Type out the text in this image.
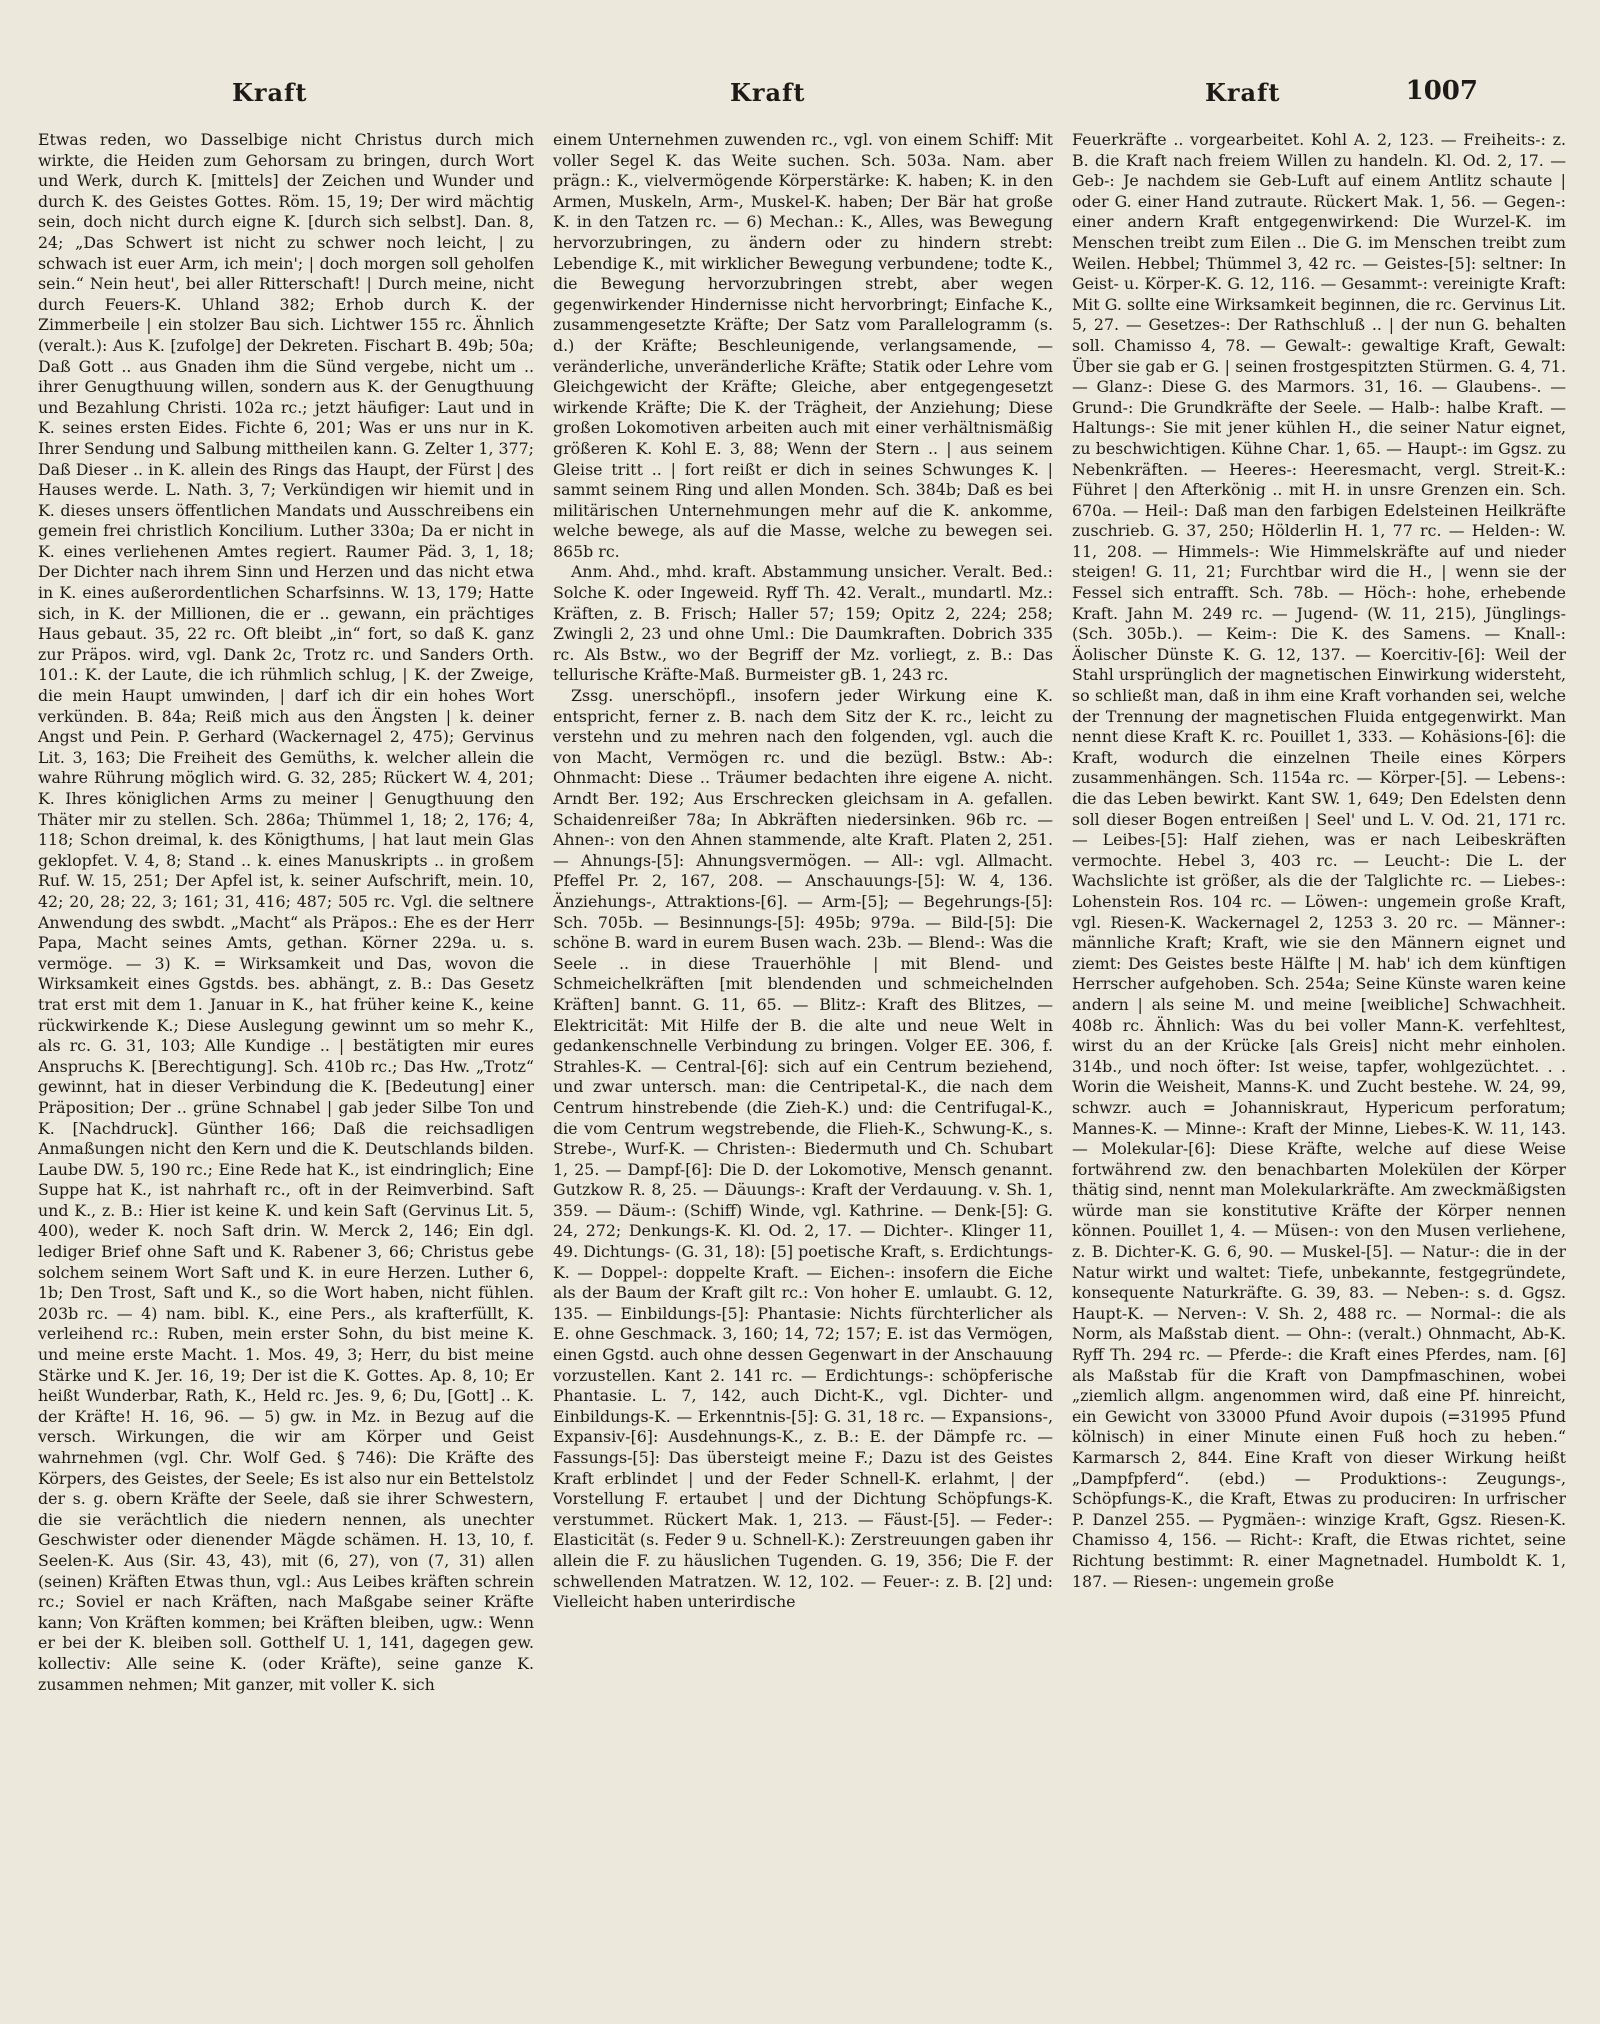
Kraft	Kraft	Kraft	1007

Etwas reden, wo Dasselbige nicht Christus durch mich wirkte, die Heiden zum Gehorsam zu bringen, durch Wort und Werk, durch K. [mittels] der Zeichen und Wunder und durch K. des Geistes Gottes. Röm. 15, 19; Der wird mächtig sein, doch nicht durch eigne K. [durch sich selbst]. Dan. 8, 24; „Das Schwert ist nicht zu schwer noch leicht, | zu schwach ist euer Arm, ich mein'; | doch morgen soll geholfen sein.“ Nein heut', bei aller Ritterschaft! | Durch meine, nicht durch Feuers-K. Uhland 382; Erhob durch K. der Zimmerbeile | ein stolzer Bau sich. Lichtwer 155 rc. Ähnlich (veralt.): Aus K. [zufolge] der Dekreten. Fischart B. 49b; 50a; Daß Gott .. aus Gnaden ihm die Sünd vergebe, nicht um .. ihrer Genugthuung willen, sondern aus K. der Genugthuung und Bezahlung Christi. 102a rc.; jetzt häufiger: Laut und in K. seines ersten Eides. Fichte 6, 201; Was er uns nur in K. Ihrer Sendung und Salbung mittheilen kann. G. Zelter 1, 377; Daß Dieser .. in K. allein des Rings das Haupt, der Fürst | des Hauses werde. L. Nath. 3, 7; Verkündigen wir hiemit und in K. dieses unsers öffentlichen Mandats und Ausschreibens ein gemein frei christlich Koncilium. Luther 330a; Da er nicht in K. eines verliehenen Amtes regiert. Raumer Päd. 3, 1, 18; Der Dichter nach ihrem Sinn und Herzen und das nicht etwa in K. eines außerordentlichen Scharfsinns. W. 13, 179; Hatte sich, in K. der Millionen, die er .. gewann, ein prächtiges Haus gebaut. 35, 22 rc. Oft bleibt „in“ fort, so daß K. ganz zur Präpos. wird, vgl. Dank 2c, Trotz rc. und Sanders Orth. 101.: K. der Laute, die ich rühmlich schlug, | K. der Zweige, die mein Haupt umwinden, | darf ich dir ein hohes Wort verkünden. B. 84a; Reiß mich aus den Ängsten | k. deiner Angst und Pein. P. Gerhard (Wackernagel 2, 475); Gervinus Lit. 3, 163; Die Freiheit des Gemüths, k. welcher allein die wahre Rührung möglich wird. G. 32, 285; Rückert W. 4, 201; K. Ihres königlichen Arms zu meiner | Genugthuung den Thäter mir zu stellen. Sch. 286a; Thümmel 1, 18; 2, 176; 4, 118; Schon dreimal, k. des Königthums, | hat laut mein Glas geklopfet. V. 4, 8; Stand .. k. eines Manuskripts .. in großem Ruf. W. 15, 251; Der Apfel ist, k. seiner Aufschrift, mein. 10, 42; 20, 28; 22, 3; 161; 31, 416; 487; 505 rc. Vgl. die seltnere Anwendung des swbdt. „Macht“ als Präpos.: Ehe es der Herr Papa, Macht seines Amts, gethan. Körner 229a. u. s. vermöge. — 3) K. = Wirksamkeit und Das, wovon die Wirksamkeit eines Ggstds. bes. abhängt, z. B.: Das Gesetz trat erst mit dem 1. Januar in K., hat früher keine K., keine rückwirkende K.; Diese Auslegung gewinnt um so mehr K., als rc. G. 31, 103; Alle Kundige .. | bestätigten mir eures Anspruchs K. [Berechtigung]. Sch. 410b rc.; Das Hw. „Trotz“ gewinnt, hat in dieser Verbindung die K. [Bedeutung] einer Präposition; Der .. grüne Schnabel | gab jeder Silbe Ton und K. [Nachdruck]. Günther 166; Daß die reichsadligen Anmaßungen nicht den Kern und die K. Deutschlands bilden. Laube DW. 5, 190 rc.; Eine Rede hat K., ist eindringlich; Eine Suppe hat K., ist nahrhaft rc., oft in der Reimverbind. Saft und K., z. B.: Hier ist keine K. und kein Saft (Gervinus Lit. 5, 400), weder K. noch Saft drin. W. Merck 2, 146; Ein dgl. lediger Brief ohne Saft und K. Rabener 3, 66; Christus gebe solchem seinem Wort Saft und K. in eure Herzen. Luther 6, 1b; Den Trost, Saft und K., so die Wort haben, nicht fühlen. 203b rc. — 4) nam. bibl. K., eine Pers., als krafterfüllt, K. verleihend rc.: Ruben, mein erster Sohn, du bist meine K. und meine erste Macht. 1. Mos. 49, 3; Herr, du bist meine Stärke und K. Jer. 16, 19; Der ist die K. Gottes. Ap. 8, 10; Er heißt Wunderbar, Rath, K., Held rc. Jes. 9, 6; Du, [Gott] .. K. der Kräfte! H. 16, 96. — 5) gw. in Mz. in Bezug auf die versch. Wirkungen, die wir am Körper und Geist wahrnehmen (vgl. Chr. Wolf Ged. § 746): Die Kräfte des Körpers, des Geistes, der Seele; Es ist also nur ein Bettelstolz der s. g. obern Kräfte der Seele, daß sie ihrer Schwestern, die sie verächtlich die niedern nennen, als unechter Geschwister oder dienender Mägde schämen. H. 13, 10, f. Seelen-K. Aus (Sir. 43, 43), mit (6, 27), von (7, 31) allen (seinen) Kräften Etwas thun, vgl.: Aus Leibes kräften schrein rc.; Soviel er nach Kräften, nach Maßgabe seiner Kräfte kann; Von Kräften kommen; bei Kräften bleiben, ugw.: Wenn er bei der K. bleiben soll. Gotthelf U. 1, 141, dagegen gew. kollectiv: Alle seine K. (oder Kräfte), seine ganze K. zusammen nehmen; Mit ganzer, mit voller K. sich

einem Unternehmen zuwenden rc., vgl. von einem Schiff: Mit voller Segel K. das Weite suchen. Sch. 503a. Nam. aber prägn.: K., vielvermögende Körperstärke: K. haben; K. in den Armen, Muskeln, Arm-, Muskel-K. haben; Der Bär hat große K. in den Tatzen rc. — 6) Mechan.: K., Alles, was Bewegung hervorzubringen, zu ändern oder zu hindern strebt: Lebendige K., mit wirklicher Bewegung verbundene; todte K., die Bewegung hervorzubringen strebt, aber wegen gegenwirkender Hindernisse nicht hervorbringt; Einfache K., zusammengesetzte Kräfte; Der Satz vom Parallelogramm (s. d.) der Kräfte; Beschleunigende, verlangsamende, — veränderliche, unveränderliche Kräfte; Statik oder Lehre vom Gleichgewicht der Kräfte; Gleiche, aber entgegengesetzt wirkende Kräfte; Die K. der Trägheit, der Anziehung; Diese großen Lokomotiven arbeiten auch mit einer verhältnismäßig größeren K. Kohl E. 3, 88; Wenn der Stern .. | aus seinem Gleise tritt .. | fort reißt er dich in seines Schwunges K. | sammt seinem Ring und allen Monden. Sch. 384b; Daß es bei militärischen Unternehmungen mehr auf die K. ankomme, welche bewege, als auf die Masse, welche zu bewegen sei. 865b rc.

Anm. Ahd., mhd. kraft. Abstammung unsicher. Veralt. Bed.: Solche K. oder Ingeweid. Ryff Th. 42. Veralt., mundartl. Mz.: Kräften, z. B. Frisch; Haller 57; 159; Opitz 2, 224; 258; Zwingli 2, 23 und ohne Uml.: Die Daumkraften. Dobrich 335 rc. Als Bstw., wo der Begriff der Mz. vorliegt, z. B.: Das tellurische Kräfte-Maß. Burmeister gB. 1, 243 rc.

Zssg. unerschöpfl., insofern jeder Wirkung eine K. entspricht, ferner z. B. nach dem Sitz der K. rc., leicht zu verstehn und zu mehren nach den folgenden, vgl. auch die von Macht, Vermögen rc. und die bezügl. Bstw.: Ab-: Ohnmacht: Diese .. Träumer bedachten ihre eigene A. nicht. Arndt Ber. 192; Aus Erschrecken gleichsam in A. gefallen. Schaidenreißer 78a; In Abkräften niedersinken. 96b rc. — Ahnen-: von den Ahnen stammende, alte Kraft. Platen 2, 251. — Ahnungs-[5]: Ahnungsvermögen. — All-: vgl. Allmacht. Pfeffel Pr. 2, 167, 208. — Anschauungs-[5]: W. 4, 136. Änziehungs-, Attraktions-[6]. — Arm-[5]; — Begehrungs-[5]: Sch. 705b. — Besinnungs-[5]: 495b; 979a. — Bild-[5]: Die schöne B. ward in eurem Busen wach. 23b. — Blend-: Was die Seele .. in diese Trauerhöhle | mit Blend- und Schmeichelkräften [mit blendenden und schmeichelnden Kräften] bannt. G. 11, 65. — Blitz-: Kraft des Blitzes, — Elektricität: Mit Hilfe der B. die alte und neue Welt in gedankenschnelle Verbindung zu bringen. Volger EE. 306, f. Strahles-K. — Central-[6]: sich auf ein Centrum beziehend, und zwar untersch. man: die Centripetal-K., die nach dem Centrum hinstrebende (die Zieh-K.) und: die Centrifugal-K., die vom Centrum wegstrebende, die Flieh-K., Schwung-K., s. Strebe-, Wurf-K. — Christen-: Biedermuth und Ch. Schubart 1, 25. — Dampf-[6]: Die D. der Lokomotive, Mensch genannt. Gutzkow R. 8, 25. — Däuungs-: Kraft der Verdauung. v. Sh. 1, 359. — Däum-: (Schiff) Winde, vgl. Kathrine. — Denk-[5]: G. 24, 272; Denkungs-K. Kl. Od. 2, 17. — Dichter-. Klinger 11, 49. Dichtungs- (G. 31, 18): [5] poetische Kraft, s. Erdichtungs-K. — Doppel-: doppelte Kraft. — Eichen-: insofern die Eiche als der Baum der Kraft gilt rc.: Von hoher E. umlaubt. G. 12, 135. — Einbildungs-[5]: Phantasie: Nichts fürchterlicher als E. ohne Geschmack. 3, 160; 14, 72; 157; E. ist das Vermögen, einen Ggstd. auch ohne dessen Gegenwart in der Anschauung vorzustellen. Kant 2. 141 rc. — Erdichtungs-: schöpferische Phantasie. L. 7, 142, auch Dicht-K., vgl. Dichter- und Einbildungs-K. — Erkenntnis-[5]: G. 31, 18 rc. — Expansions-, Expansiv-[6]: Ausdehnungs-K., z. B.: E. der Dämpfe rc. — Fassungs-[5]: Das übersteigt meine F.; Dazu ist des Geistes Kraft erblindet | und der Feder Schnell-K. erlahmt, | der Vorstellung F. ertaubet | und der Dichtung Schöpfungs-K. verstummet. Rückert Mak. 1, 213. — Fäust-[5]. — Feder-: Elasticität (s. Feder 9 u. Schnell-K.): Zerstreuungen gaben ihr allein die F. zu häuslichen Tugenden. G. 19, 356; Die F. der schwellenden Matratzen. W. 12, 102. — Feuer-: z. B. [2] und: Vielleicht haben unterirdische

Feuerkräfte .. vorgearbeitet. Kohl A. 2, 123. — Freiheits-: z. B. die Kraft nach freiem Willen zu handeln. Kl. Od. 2, 17. — Geb-: Je nachdem sie Geb-Luft auf einem Antlitz schaute | oder G. einer Hand zutraute. Rückert Mak. 1, 56. — Gegen-: einer andern Kraft entgegenwirkend: Die Wurzel-K. im Menschen treibt zum Eilen .. Die G. im Menschen treibt zum Weilen. Hebbel; Thümmel 3, 42 rc. — Geistes-[5]: seltner: In Geist- u. Körper-K. G. 12, 116. — Gesammt-: vereinigte Kraft: Mit G. sollte eine Wirksamkeit beginnen, die rc. Gervinus Lit. 5, 27. — Gesetzes-: Der Rathschluß .. | der nun G. behalten soll. Chamisso 4, 78. — Gewalt-: gewaltige Kraft, Gewalt: Über sie gab er G. | seinen frostgespitzten Stürmen. G. 4, 71. — Glanz-: Diese G. des Marmors. 31, 16. — Glaubens-. — Grund-: Die Grundkräfte der Seele. — Halb-: halbe Kraft. — Haltungs-: Sie mit jener kühlen H., die seiner Natur eignet, zu beschwichtigen. Kühne Char. 1, 65. — Haupt-: im Ggsz. zu Nebenkräften. — Heeres-: Heeresmacht, vergl. Streit-K.: Führet | den Afterkönig .. mit H. in unsre Grenzen ein. Sch. 670a. — Heil-: Daß man den farbigen Edelsteinen Heilkräfte zuschrieb. G. 37, 250; Hölderlin H. 1, 77 rc. — Helden-: W. 11, 208. — Himmels-: Wie Himmelskräfte auf und nieder steigen! G. 11, 21; Furchtbar wird die H., | wenn sie der Fessel sich entrafft. Sch. 78b. — Höch-: hohe, erhebende Kraft. Jahn M. 249 rc. — Jugend- (W. 11, 215), Jünglings- (Sch. 305b.). — Keim-: Die K. des Samens. — Knall-: Äolischer Dünste K. G. 12, 137. — Koercitiv-[6]: Weil der Stahl ursprünglich der magnetischen Einwirkung widersteht, so schließt man, daß in ihm eine Kraft vorhanden sei, welche der Trennung der magnetischen Fluida entgegenwirkt. Man nennt diese Kraft K. rc. Pouillet 1, 333. — Kohäsions-[6]: die Kraft, wodurch die einzelnen Theile eines Körpers zusammenhängen. Sch. 1154a rc. — Körper-[5]. — Lebens-: die das Leben bewirkt. Kant SW. 1, 649; Den Edelsten denn soll dieser Bogen entreißen | Seel' und L. V. Od. 21, 171 rc. — Leibes-[5]: Half ziehen, was er nach Leibeskräften vermochte. Hebel 3, 403 rc. — Leucht-: Die L. der Wachslichte ist größer, als die der Talglichte rc. — Liebes-: Lohenstein Ros. 104 rc. — Löwen-: ungemein große Kraft, vgl. Riesen-K. Wackernagel 2, 1253 3. 20 rc. — Männer-: männliche Kraft; Kraft, wie sie den Männern eignet und ziemt: Des Geistes beste Hälfte | M. hab' ich dem künftigen Herrscher aufgehoben. Sch. 254a; Seine Künste waren keine andern | als seine M. und meine [weibliche] Schwachheit. 408b rc. Ähnlich: Was du bei voller Mann-K. verfehltest, wirst du an der Krücke [als Greis] nicht mehr einholen. 314b., und noch öfter: Ist weise, tapfer, wohlgezüchtet. . . Worin die Weisheit, Manns-K. und Zucht bestehe. W. 24, 99, schwzr. auch = Johanniskraut, Hypericum perforatum; Mannes-K. — Minne-: Kraft der Minne, Liebes-K. W. 11, 143. — Molekular-[6]: Diese Kräfte, welche auf diese Weise fortwährend zw. den benachbarten Molekülen der Körper thätig sind, nennt man Molekularkräfte. Am zweckmäßigsten würde man sie konstitutive Kräfte der Körper nennen können. Pouillet 1, 4. — Müsen-: von den Musen verliehene, z. B. Dichter-K. G. 6, 90. — Muskel-[5]. — Natur-: die in der Natur wirkt und waltet: Tiefe, unbekannte, festgegründete, konsequente Naturkräfte. G. 39, 83. — Neben-: s. d. Ggsz. Haupt-K. — Nerven-: V. Sh. 2, 488 rc. — Normal-: die als Norm, als Maßstab dient. — Ohn-: (veralt.) Ohnmacht, Ab-K. Ryff Th. 294 rc. — Pferde-: die Kraft eines Pferdes, nam. [6] als Maßstab für die Kraft von Dampfmaschinen, wobei „ziemlich allgm. angenommen wird, daß eine Pf. hinreicht, ein Gewicht von 33000 Pfund Avoir dupois (=31995 Pfund kölnisch) in einer Minute einen Fuß hoch zu heben.“ Karmarsch 2, 844. Eine Kraft von dieser Wirkung heißt „Dampfpferd“. (ebd.) — Produktions-: Zeugungs-, Schöpfungs-K., die Kraft, Etwas zu produciren: In urfrischer P. Danzel 255. — Pygmäen-: winzige Kraft, Ggsz. Riesen-K. Chamisso 4, 156. — Richt-: Kraft, die Etwas richtet, seine Richtung bestimmt: R. einer Magnetnadel. Humboldt K. 1, 187. — Riesen-: ungemein große
